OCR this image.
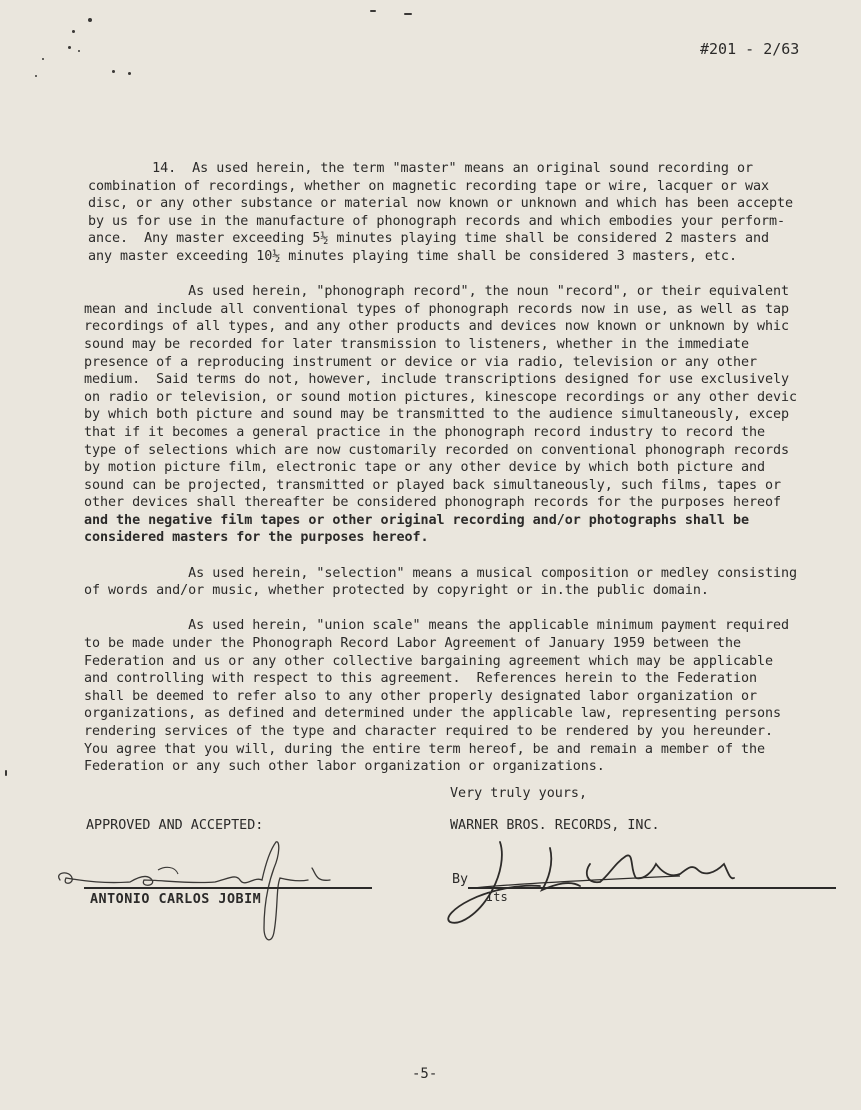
#201 - 2/63
14.  As used herein, the term "master" means an original sound recording or
combination of recordings, whether on magnetic recording tape or wire, lacquer or wax
disc, or any other substance or material now known or unknown and which has been accepte
by us for use in the manufacture of phonograph records and which embodies your perform-
ance.  Any master exceeding 5½ minutes playing time shall be considered 2 masters and
any master exceeding 10½ minutes playing time shall be considered 3 masters, etc.
As used herein, "phonograph record", the noun "record", or their equivalent
mean and include all conventional types of phonograph records now in use, as well as tap
recordings of all types, and any other products and devices now known or unknown by whic
sound may be recorded for later transmission to listeners, whether in the immediate
presence of a reproducing instrument or device or via radio, television or any other
medium.  Said terms do not, however, include transcriptions designed for use exclusively
on radio or television, or sound motion pictures, kinescope recordings or any other devic
by which both picture and sound may be transmitted to the audience simultaneously, excep
that if it becomes a general practice in the phonograph record industry to record the
type of selections which are now customarily recorded on conventional phonograph records
by motion picture film, electronic tape or any other device by which both picture and
sound can be projected, transmitted or played back simultaneously, such films, tapes or
other devices shall thereafter be considered phonograph records for the purposes hereof
and the negative film tapes or other original recording and/or photographs shall be
considered masters for the purposes hereof.
As used herein, "selection" means a musical composition or medley consisting
of words and/or music, whether protected by copyright or in.the public domain.
As used herein, "union scale" means the applicable minimum payment required
to be made under the Phonograph Record Labor Agreement of January 1959 between the
Federation and us or any other collective bargaining agreement which may be applicable
and controlling with respect to this agreement.  References herein to the Federation
shall be deemed to refer also to any other properly designated labor organization or
organizations, as defined and determined under the applicable law, representing persons
rendering services of the type and character required to be rendered by you hereunder.
You agree that you will, during the entire term hereof, be and remain a member of the
Federation or any such other labor organization or organizations.
Very truly yours,
APPROVED AND ACCEPTED:	WARNER BROS. RECORDS, INC.
ANTONIO CARLOS JOBIM
By
Its
-5-
